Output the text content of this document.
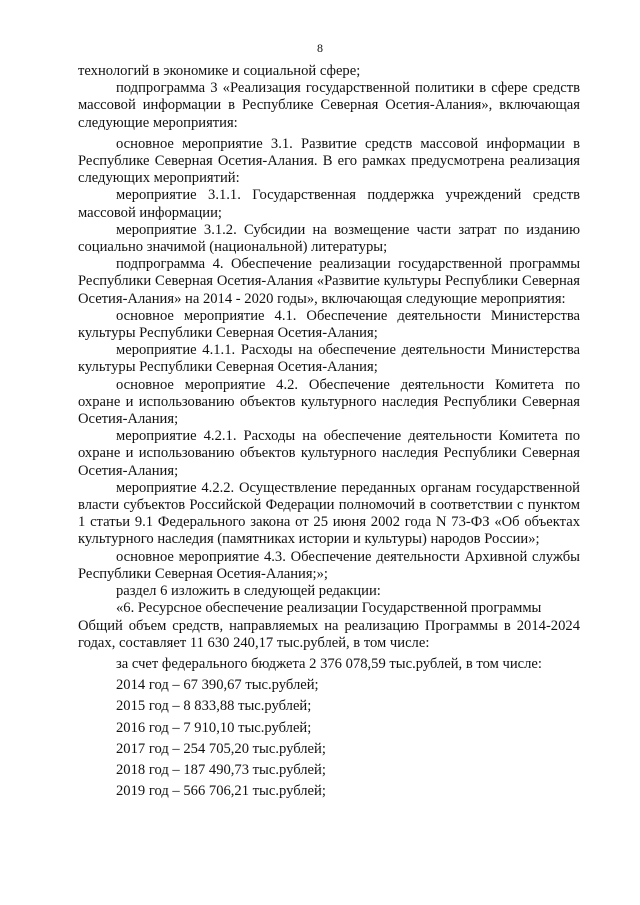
8

технологий в экономике и социальной сфере;

подпрограмма 3 «Реализация государственной политики в сфере средств массовой информации в Республике Северная Осетия-Алания», включающая следующие мероприятия:

основное мероприятие 3.1. Развитие средств массовой информации в Республике Северная Осетия-Алания. В его рамках предусмотрена реализация следующих мероприятий:

мероприятие 3.1.1. Государственная поддержка учреждений средств массовой информации;

мероприятие 3.1.2. Субсидии на возмещение части затрат по изданию социально значимой (национальной) литературы;

подпрограмма 4. Обеспечение реализации государственной программы Республики Северная Осетия-Алания «Развитие культуры Республики Северная Осетия-Алания» на 2014 - 2020 годы», включающая следующие мероприятия:

основное мероприятие 4.1. Обеспечение деятельности Министерства культуры Республики Северная Осетия-Алания;

мероприятие 4.1.1. Расходы на обеспечение деятельности Министерства культуры Республики Северная Осетия-Алания;

основное мероприятие 4.2. Обеспечение деятельности Комитета по охране и использованию объектов культурного наследия Республики Северная Осетия-Алания;

мероприятие 4.2.1. Расходы на обеспечение деятельности Комитета по охране и использованию объектов культурного наследия Республики Северная Осетия-Алания;

мероприятие 4.2.2. Осуществление переданных органам государственной власти субъектов Российской Федерации полномочий в соответствии с пунктом 1 статьи 9.1 Федерального закона от 25 июня 2002 года N 73-ФЗ «Об объектах культурного наследия (памятниках истории и культуры) народов России»;

основное мероприятие 4.3. Обеспечение деятельности Архивной службы Республики Северная Осетия-Алания;»;

раздел 6 изложить в следующей редакции:

«6. Ресурсное обеспечение реализации Государственной программы

Общий объем средств, направляемых на реализацию Программы в 2014-2024 годах, составляет 11 630 240,17 тыс.рублей, в том числе:

за счет федерального бюджета 2 376 078,59 тыс.рублей, в том числе:

2014 год – 67 390,67 тыс.рублей;

2015 год – 8 833,88 тыс.рублей;

2016 год – 7 910,10 тыс.рублей;

2017 год – 254 705,20 тыс.рублей;

2018 год – 187 490,73 тыс.рублей;

2019 год – 566 706,21 тыс.рублей;
